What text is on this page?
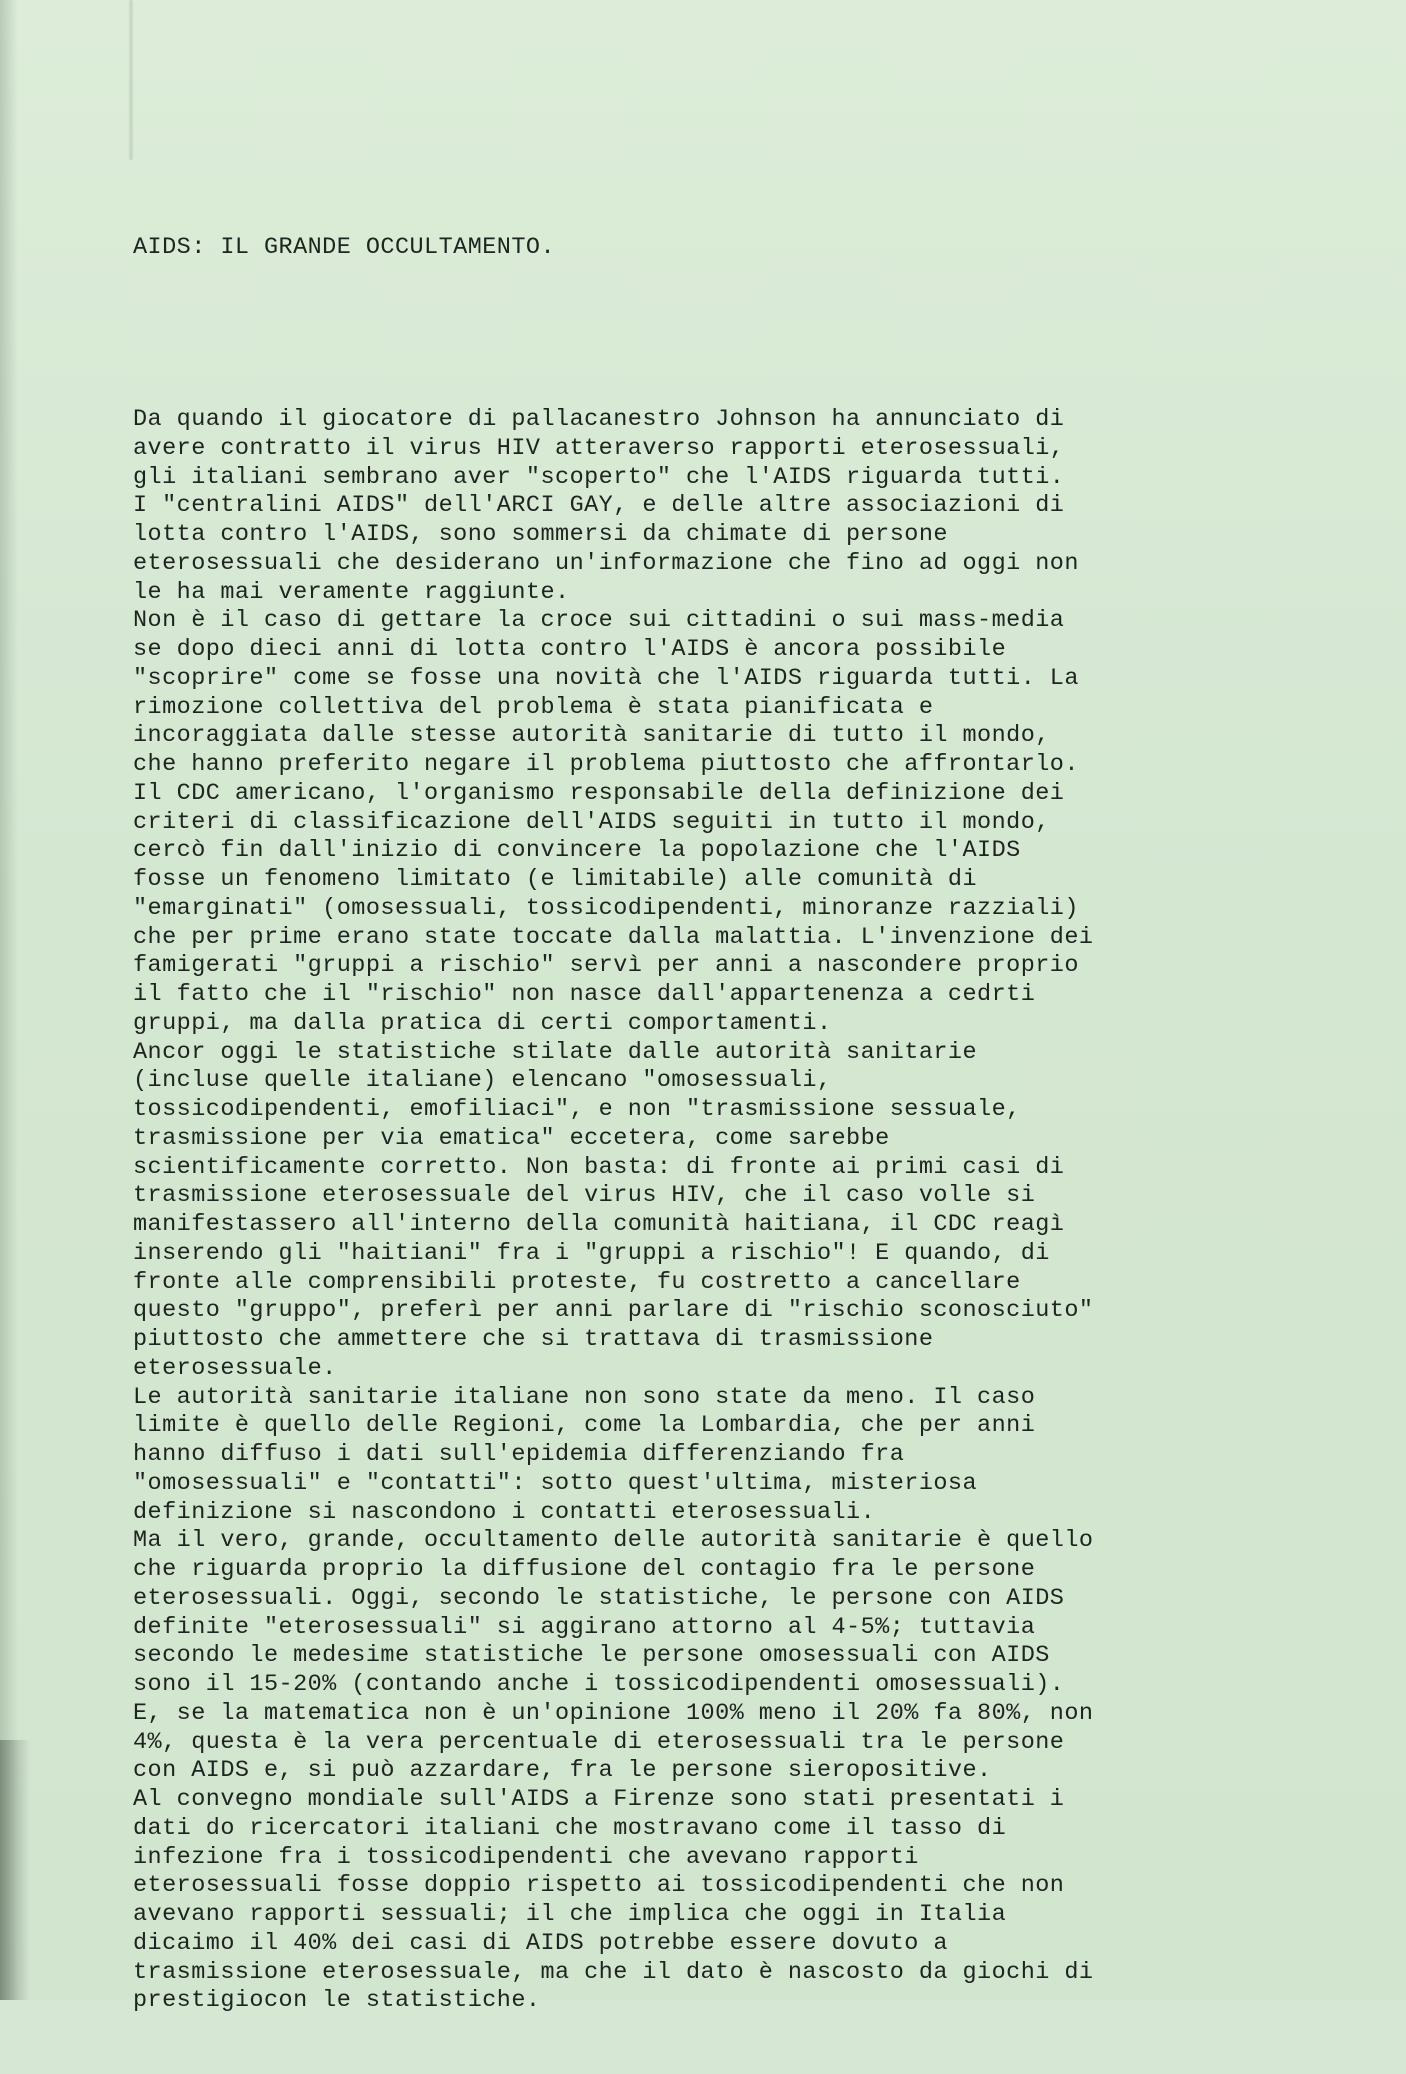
AIDS: IL GRANDE OCCULTAMENTO.

Da quando il giocatore di pallacanestro Johnson ha annunciato di
avere contratto il virus HIV atteraverso rapporti eterosessuali,
gli italiani sembrano aver "scoperto" che l'AIDS riguarda tutti.
I "centralini AIDS" dell'ARCI GAY, e delle altre associazioni di
lotta contro l'AIDS, sono sommersi da chimate di persone
eterosessuali che desiderano un'informazione che fino ad oggi non
le ha mai veramente raggiunte.
Non è il caso di gettare la croce sui cittadini o sui mass-media
se dopo dieci anni di lotta contro l'AIDS è ancora possibile
"scoprire" come se fosse una novità che l'AIDS riguarda tutti. La
rimozione collettiva del problema è stata pianificata e
incoraggiata dalle stesse autorità sanitarie di tutto il mondo,
che hanno preferito negare il problema piuttosto che affrontarlo.
Il CDC americano, l'organismo responsabile della definizione dei
criteri di classificazione dell'AIDS seguiti in tutto il mondo,
cercò fin dall'inizio di convincere la popolazione che l'AIDS
fosse un fenomeno limitato (e limitabile) alle comunità di
"emarginati" (omosessuali, tossicodipendenti, minoranze razziali)
che per prime erano state toccate dalla malattia. L'invenzione dei
famigerati "gruppi a rischio" servì per anni a nascondere proprio
il fatto che il "rischio" non nasce dall'appartenenza a cedrti
gruppi, ma dalla pratica di certi comportamenti.
Ancor oggi le statistiche stilate dalle autorità sanitarie
(incluse quelle italiane) elencano "omosessuali,
tossicodipendenti, emofiliaci", e non "trasmissione sessuale,
trasmissione per via ematica" eccetera, come sarebbe
scientificamente corretto. Non basta: di fronte ai primi casi di
trasmissione eterosessuale del virus HIV, che il caso volle si
manifestassero all'interno della comunità haitiana, il CDC reagì
inserendo gli "haitiani" fra i "gruppi a rischio"! E quando, di
fronte alle comprensibili proteste, fu costretto a cancellare
questo "gruppo", preferì per anni parlare di "rischio sconosciuto"
piuttosto che ammettere che si trattava di trasmissione
eterosessuale.
Le autorità sanitarie italiane non sono state da meno. Il caso
limite è quello delle Regioni, come la Lombardia, che per anni
hanno diffuso i dati sull'epidemia differenziando fra
"omosessuali" e "contatti": sotto quest'ultima, misteriosa
definizione si nascondono i contatti eterosessuali.
Ma il vero, grande, occultamento delle autorità sanitarie è quello
che riguarda proprio la diffusione del contagio fra le persone
eterosessuali. Oggi, secondo le statistiche, le persone con AIDS
definite "eterosessuali" si aggirano attorno al 4-5%; tuttavia
secondo le medesime statistiche le persone omosessuali con AIDS
sono il 15-20% (contando anche i tossicodipendenti omosessuali).
E, se la matematica non è un'opinione 100% meno il 20% fa 80%, non
4%, questa è la vera percentuale di eterosessuali tra le persone
con AIDS e, si può azzardare, fra le persone sieropositive.
Al convegno mondiale sull'AIDS a Firenze sono stati presentati i
dati do ricercatori italiani che mostravano come il tasso di
infezione fra i tossicodipendenti che avevano rapporti
eterosessuali fosse doppio rispetto ai tossicodipendenti che non
avevano rapporti sessuali; il che implica che oggi in Italia
dicaimo il 40% dei casi di AIDS potrebbe essere dovuto a
trasmissione eterosessuale, ma che il dato è nascosto da giochi di
prestigiocon le statistiche.
